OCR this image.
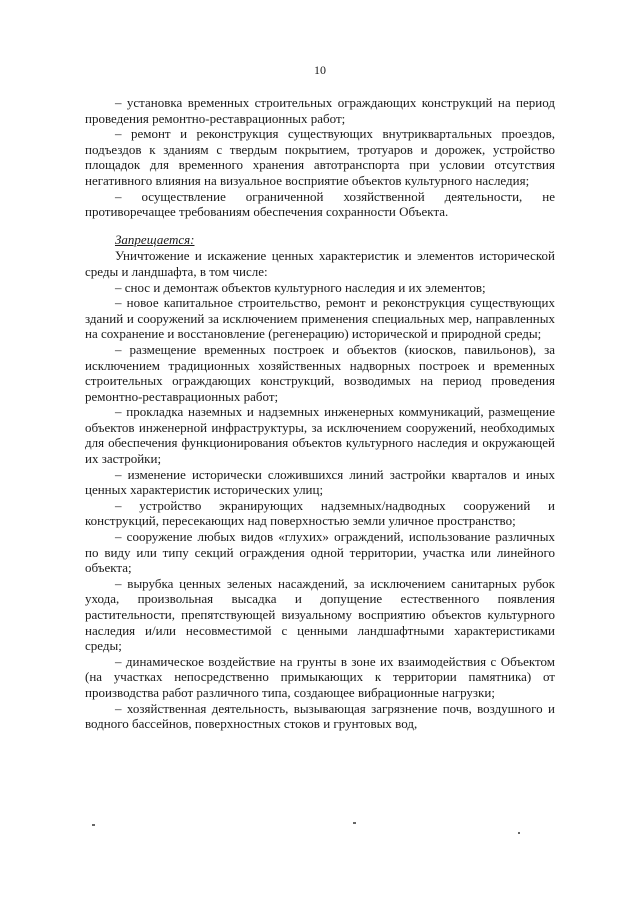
10

– установка временных строительных ограждающих конструкций на период проведения ремонтно-реставрационных работ;

– ремонт и реконструкция существующих внутриквартальных проездов, подъездов к зданиям с твердым покрытием, тротуаров и дорожек, устройство площадок для временного хранения автотранспорта при условии отсутствия негативного влияния на визуальное восприятие объектов культурного наследия;

– осуществление ограниченной хозяйственной деятельности, не противоречащее требованиям обеспечения сохранности Объекта.

Запрещается:

Уничтожение и искажение ценных характеристик и элементов исторической среды и ландшафта, в том числе:

– снос и демонтаж объектов культурного наследия и их элементов;

– новое капитальное строительство, ремонт и реконструкция существующих зданий и сооружений за исключением применения специальных мер, направленных на сохранение и восстановление (регенерацию) исторической и природной среды;

– размещение временных построек и объектов (киосков, павильонов), за исключением традиционных хозяйственных надворных построек и временных строительных ограждающих конструкций, возводимых на период проведения ремонтно-реставрационных работ;

– прокладка наземных и надземных инженерных коммуникаций, размещение объектов инженерной инфраструктуры, за исключением сооружений, необходимых для обеспечения функционирования объектов культурного наследия и окружающей их застройки;

– изменение исторически сложившихся линий застройки кварталов и иных ценных характеристик исторических улиц;

– устройство экранирующих надземных/надводных сооружений и конструкций, пересекающих над поверхностью земли уличное пространство;

– сооружение любых видов «глухих» ограждений, использование различных по виду или типу секций ограждения одной территории, участка или линейного объекта;

– вырубка ценных зеленых насаждений, за исключением санитарных рубок ухода, произвольная высадка и допущение естественного появления растительности, препятствующей визуальному восприятию объектов культурного наследия и/или несовместимой с ценными ландшафтными характеристиками среды;

– динамическое воздействие на грунты в зоне их взаимодействия с Объектом (на участках непосредственно примыкающих к территории памятника) от производства работ различного типа, создающее вибрационные нагрузки;

– хозяйственная деятельность, вызывающая загрязнение почв, воздушного и водного бассейнов, поверхностных стоков и грунтовых вод,
